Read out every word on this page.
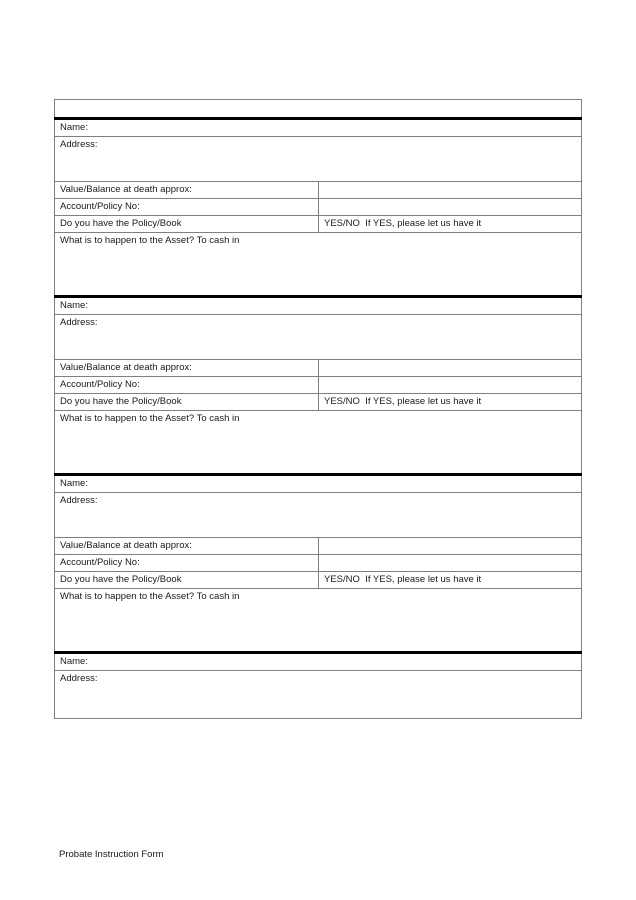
Name:	
Address:	
Value/Balance at death approx:	
Account/Policy No:	
Do you have the Policy/Book	YES/NO  If YES, please let us have it
What is to happen to the Asset? To cash in	
Name:	
Address:	
Value/Balance at death approx:	
Account/Policy No:	
Do you have the Policy/Book	YES/NO  If YES, please let us have it
What is to happen to the Asset? To cash in	
Name:	
Address:	
Value/Balance at death approx:	
Account/Policy No:	
Do you have the Policy/Book	YES/NO  If YES, please let us have it
What is to happen to the Asset? To cash in	
Name:	
Address:	
Probate Instruction Form
